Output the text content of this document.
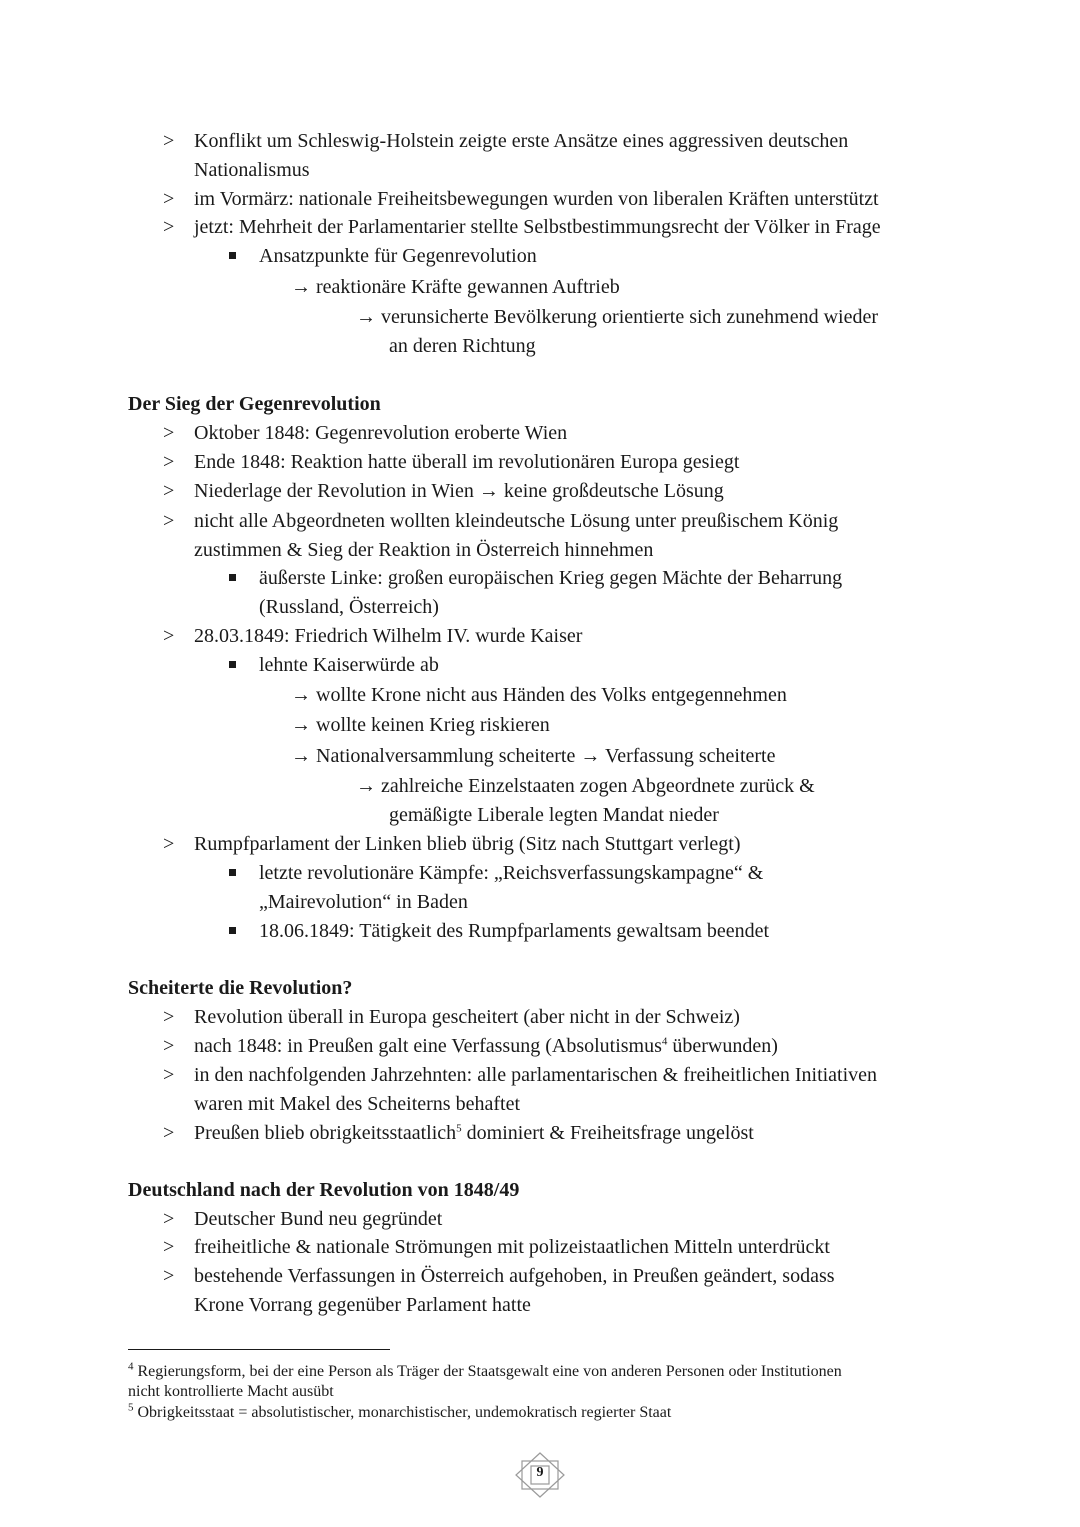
> Konflikt um Schleswig-Holstein zeigte erste Ansätze eines aggressiven deutschen
Nationalismus
> im Vormärz: nationale Freiheitsbewegungen wurden von liberalen Kräften unterstützt
> jetzt: Mehrheit der Parlamentarier stellte Selbstbestimmungsrecht der Völker in Frage
Ansatzpunkte für Gegenrevolution
→ reaktionäre Kräfte gewannen Auftrieb
→ verunsicherte Bevölkerung orientierte sich zunehmend wieder
an deren Richtung
Der Sieg der Gegenrevolution
> Oktober 1848: Gegenrevolution eroberte Wien
> Ende 1848: Reaktion hatte überall im revolutionären Europa gesiegt
> Niederlage der Revolution in Wien → keine großdeutsche Lösung
> nicht alle Abgeordneten wollten kleindeutsche Lösung unter preußischem König
zustimmen & Sieg der Reaktion in Österreich hinnehmen
äußerste Linke: großen europäischen Krieg gegen Mächte der Beharrung
(Russland, Österreich)
> 28.03.1849: Friedrich Wilhelm IV. wurde Kaiser
lehnte Kaiserwürde ab
→ wollte Krone nicht aus Händen des Volks entgegennehmen
→ wollte keinen Krieg riskieren
→ Nationalversammlung scheiterte → Verfassung scheiterte
→ zahlreiche Einzelstaaten zogen Abgeordnete zurück &
gemäßigte Liberale legten Mandat nieder
> Rumpfparlament der Linken blieb übrig (Sitz nach Stuttgart verlegt)
letzte revolutionäre Kämpfe: „Reichsverfassungskampagne“ &
„Mairevolution“ in Baden
18.06.1849: Tätigkeit des Rumpfparlaments gewaltsam beendet
Scheiterte die Revolution?
> Revolution überall in Europa gescheitert (aber nicht in der Schweiz)
> nach 1848: in Preußen galt eine Verfassung (Absolutismus$^4$ überwunden)
> in den nachfolgenden Jahrzehnten: alle parlamentarischen & freiheitlichen Initiativen
waren mit Makel des Scheiterns behaftet
> Preußen blieb obrigkeitsstaatlich$^5$ dominiert & Freiheitsfrage ungelöst
Deutschland nach der Revolution von 1848/49
> Deutscher Bund neu gegründet
> freiheitliche & nationale Strömungen mit polizeistaatlichen Mitteln unterdrückt
> bestehende Verfassungen in Österreich aufgehoben, in Preußen geändert, sodass
Krone Vorrang gegenüber Parlament hatte
$^4$ Regierungsform, bei der eine Person als Träger der Staatsgewalt eine von anderen Personen oder Institutionen
nicht kontrollierte Macht ausübt
$^5$ Obrigkeitsstaat = absolutistischer, monarchistischer, undemokratisch regierter Staat
9
